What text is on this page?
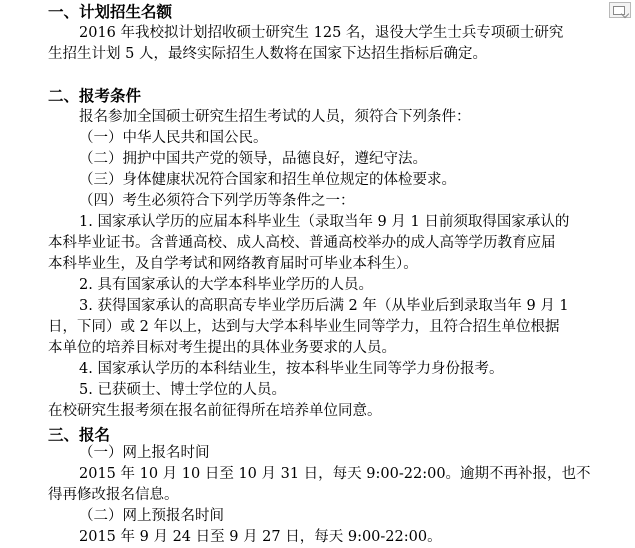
一、计划招生名额
2016 年我校拟计划招收硕士研究生 125 名，退役大学生士兵专项硕士研究
生招生计划 5 人，最终实际招生人数将在国家下达招生指标后确定。
二、报考条件
报名参加全国硕士研究生招生考试的人员，须符合下列条件：
（一）中华人民共和国公民。
（二）拥护中国共产党的领导，品德良好，遵纪守法。
（三）身体健康状况符合国家和招生单位规定的体检要求。
（四）考生必须符合下列学历等条件之一：
1. 国家承认学历的应届本科毕业生（录取当年 9 月 1 日前须取得国家承认的
本科毕业证书。含普通高校、成人高校、普通高校举办的成人高等学历教育应届
本科毕业生，及自学考试和网络教育届时可毕业本科生）。
2. 具有国家承认的大学本科毕业学历的人员。
3. 获得国家承认的高职高专毕业学历后满 2 年（从毕业后到录取当年 9 月 1
日，下同）或 2 年以上，达到与大学本科毕业生同等学力，且符合招生单位根据
本单位的培养目标对考生提出的具体业务要求的人员。
4. 国家承认学历的本科结业生，按本科毕业生同等学力身份报考。
5. 已获硕士、博士学位的人员。
在校研究生报考须在报名前征得所在培养单位同意。
三、报名
（一）网上报名时间
2015 年 10 月 10 日至 10 月 31 日，每天 9:00-22:00。逾期不再补报，也不
得再修改报名信息。
（二）网上预报名时间
2015 年 9 月 24 日至 9 月 27 日，每天 9:00-22:00。
